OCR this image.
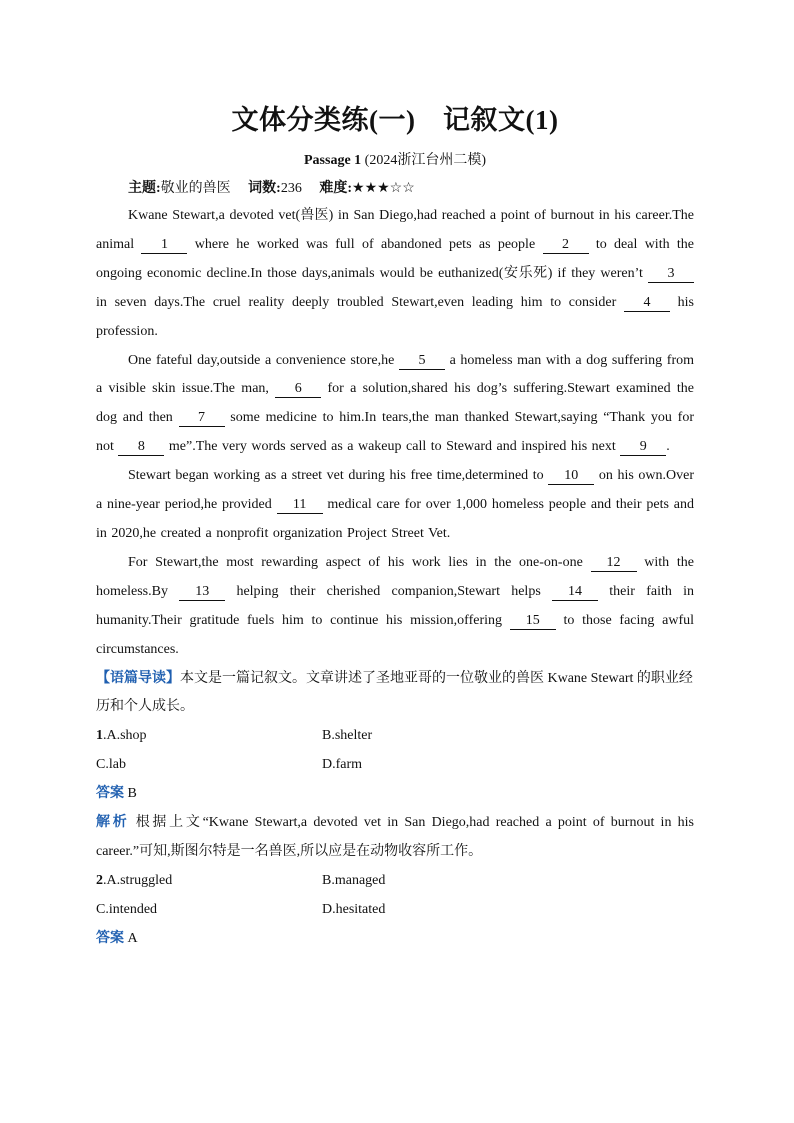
文体分类练(一)　记叙文(1)
Passage 1 (2024浙江台州二模)
主题:敬业的兽医 词数:236 难度:★★★☆☆

Kwane Stewart,a devoted vet(兽医) in San Diego,had reached a point of burnout in his career.The animal 1 where he worked was full of abandoned pets as people 2 to deal with the ongoing economic decline.In those days,animals would be euthanized(安乐死) if they weren’t 3 in seven days.The cruel reality deeply troubled Stewart,even leading him to consider 4 his profession.

One fateful day,outside a convenience store,he 5 a homeless man with a dog suffering from a visible skin issue.The man, 6 for a solution,shared his dog’s suffering.Stewart examined the dog and then 7 some medicine to him.In tears,the man thanked Stewart,saying “Thank you for not 8 me”.The very words served as a wakeup call to Steward and inspired his next 9 .

Stewart began working as a street vet during his free time,determined to 10 on his own.Over a nine-year period,he provided 11 medical care for over 1,000 homeless people and their pets and in 2020,he created a nonprofit organization Project Street Vet.

For Stewart,the most rewarding aspect of his work lies in the one-on-one 12 with the homeless.By 13 helping their cherished companion,Stewart helps 14 their faith in humanity.Their gratitude fuels him to continue his mission,offering 15 to those facing awful circumstances.

【语篇导读】本文是一篇记叙文。文章讲述了圣地亚哥的一位敬业的兽医 Kwane Stewart 的职业经历和个人成长。

1.A.shop	B.shelter
C.lab	D.farm
答案 B

解析 根据上文“Kwane Stewart,a devoted vet in San Diego,had reached a point of burnout in his career.”可知,斯图尔特是一名兽医,所以应是在动物收容所工作。

2.A.struggled	B.managed
C.intended	D.hesitated
答案 A
